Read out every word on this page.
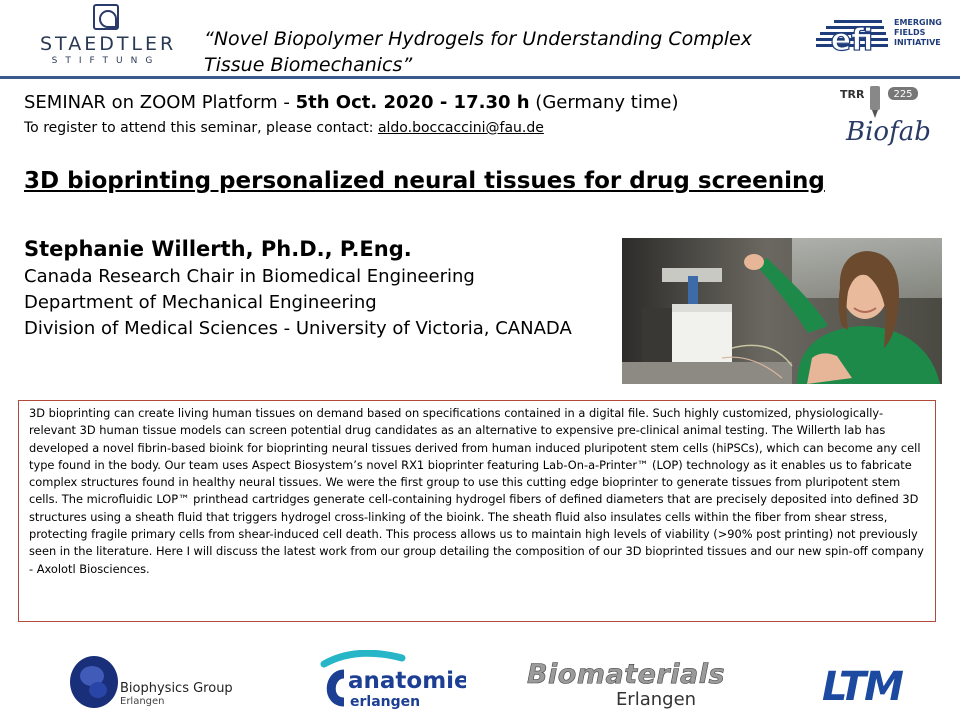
STAEDTLER
STIFTUNG
“Novel Biopolymer Hydrogels for Understanding Complex
Tissue Biomechanics”
efi
EMERGING
FIELDS
INITIATIVE
SEMINAR on ZOOM Platform - 5th Oct. 2020 - 17.30 h (Germany time)
To register to attend this seminar, please contact: aldo.boccaccini@fau.de
TRR	225
Biofab
3D bioprinting personalized neural tissues for drug screening
Stephanie Willerth, Ph.D., P.Eng.
Canada Research Chair in Biomedical Engineering
Department of Mechanical Engineering
Division of Medical Sciences - University of Victoria, CANADA
3D bioprinting can create living human tissues on demand based on specifications contained in a digital file. Such highly customized, physiologically-relevant 3D human tissue models can screen potential drug candidates as an alternative to expensive pre-clinical animal testing. The Willerth lab has developed a novel fibrin-based bioink for bioprinting neural tissues derived from human induced pluripotent stem cells (hiPSCs), which can become any cell type found in the body. Our team uses Aspect Biosystem’s novel RX1 bioprinter featuring Lab-On-a-Printer™ (LOP) technology as it enables us to fabricate complex structures found in healthy neural tissues. We were the first group to use this cutting edge bioprinter to generate tissues from pluripotent stem cells. The microfluidic LOP™ printhead cartridges generate cell-containing hydrogel fibers of defined diameters that are precisely deposited into defined 3D structures using a sheath fluid that triggers hydrogel cross-linking of the bioink. The sheath fluid also insulates cells within the fiber from shear stress, protecting fragile primary cells from shear-induced cell death. This process allows us to maintain high levels of viability (>90% post printing) not previously seen in the literature. Here I will discuss the latest work from our group detailing the composition of our 3D bioprinted tissues and our new spin-off company - Axolotl Biosciences.
Biophysics Group
Erlangen
anatomie
erlangen
Biomaterials
Erlangen	LTM
